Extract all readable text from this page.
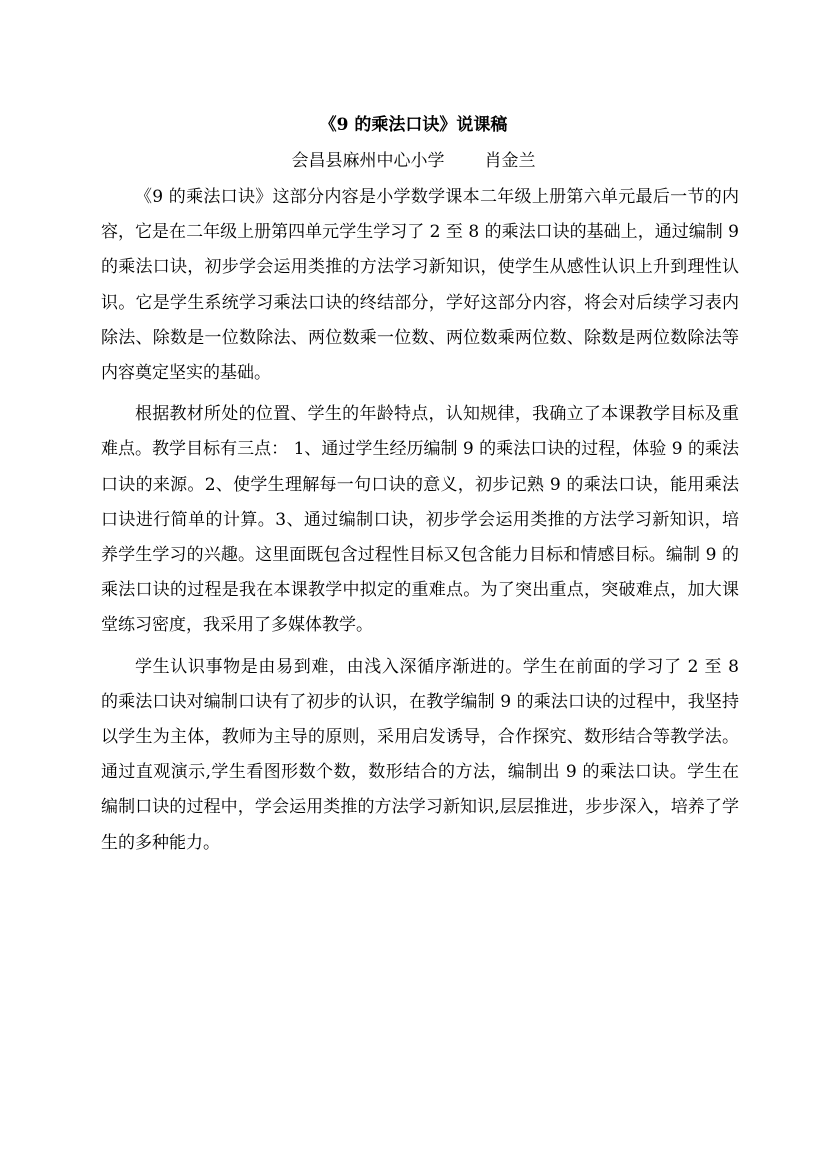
《9 的乘法口诀》说课稿
会昌县麻州中心小学 肖金兰

《9 的乘法口诀》这部分内容是小学数学课本二年级上册第六单元最后一节的内容，它是在二年级上册第四单元学生学习了 2 至 8 的乘法口诀的基础上，通过编制 9 的乘法口诀，初步学会运用类推的方法学习新知识，使学生从感性认识上升到理性认识。它是学生系统学习乘法口诀的终结部分，学好这部分内容，将会对后续学习表内除法、除数是一位数除法、两位数乘一位数、两位数乘两位数、除数是两位数除法等内容奠定坚实的基础。

根据教材所处的位置、学生的年龄特点，认知规律，我确立了本课教学目标及重难点。教学目标有三点： 1、通过学生经历编制 9 的乘法口诀的过程，体验 9 的乘法口诀的来源。2、使学生理解每一句口诀的意义，初步记熟 9 的乘法口诀，能用乘法口诀进行简单的计算。3、通过编制口诀，初步学会运用类推的方法学习新知识，培养学生学习的兴趣。这里面既包含过程性目标又包含能力目标和情感目标。编制 9 的乘法口诀的过程是我在本课教学中拟定的重难点。为了突出重点，突破难点，加大课堂练习密度，我采用了多媒体教学。

学生认识事物是由易到难，由浅入深循序渐进的。学生在前面的学习了 2 至 8 的乘法口诀对编制口诀有了初步的认识，在教学编制 9 的乘法口诀的过程中，我坚持以学生为主体，教师为主导的原则，采用启发诱导，合作探究、数形结合等教学法。通过直观演示,学生看图形数个数，数形结合的方法，编制出 9 的乘法口诀。学生在编制口诀的过程中，学会运用类推的方法学习新知识,层层推进，步步深入，培养了学生的多种能力。
